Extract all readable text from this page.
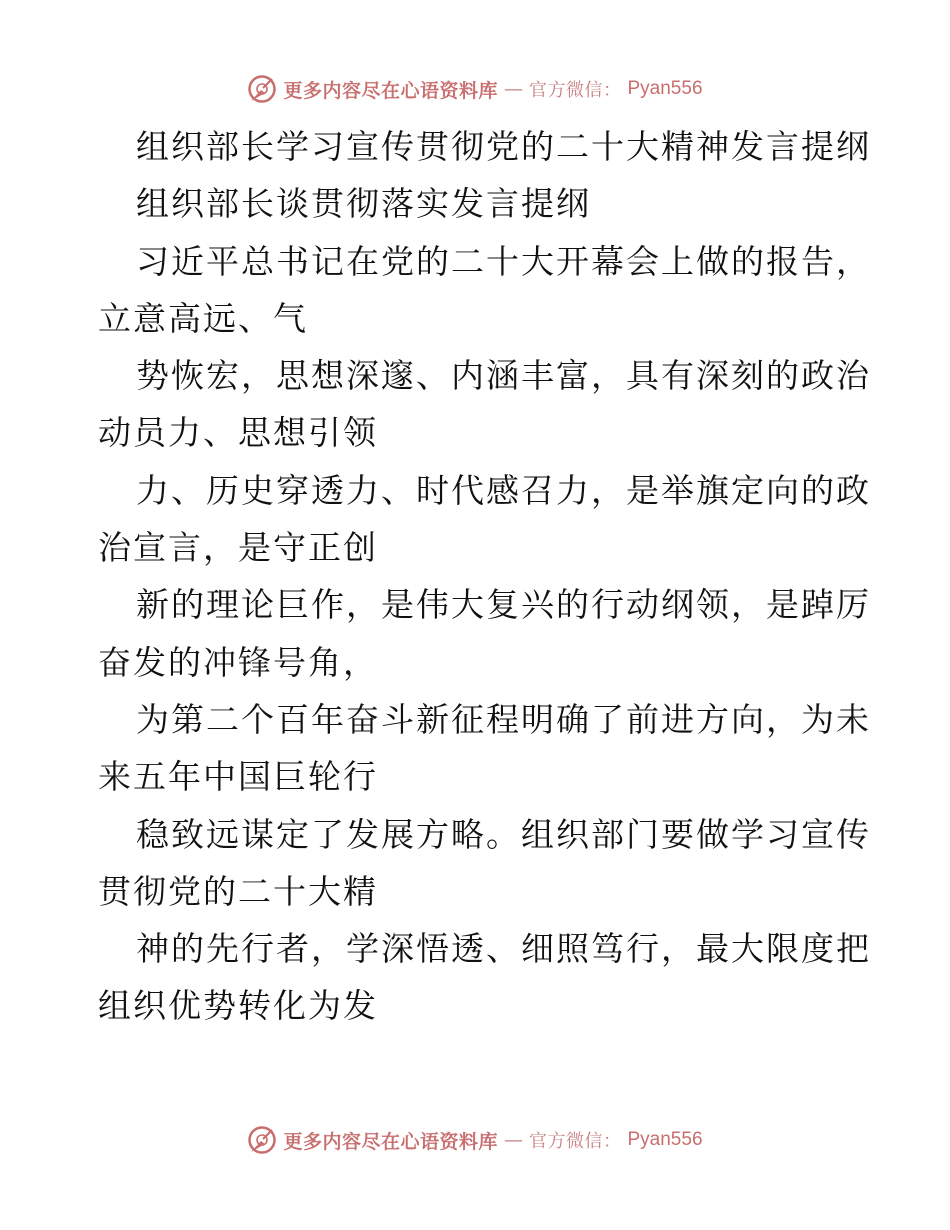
更多内容尽在心语资料库 — 官方微信： Pyan556
组织部长学习宣传贯彻党的二十大精神发言提纲
组织部长谈贯彻落实发言提纲
习近平总书记在党的二十大开幕会上做的报告，
立意高远、气
势恢宏，思想深邃、内涵丰富，具有深刻的政治
动员力、思想引领
力、历史穿透力、时代感召力，是举旗定向的政
治宣言，是守正创
新的理论巨作，是伟大复兴的行动纲领，是踔厉
奋发的冲锋号角，
为第二个百年奋斗新征程明确了前进方向，为未
来五年中国巨轮行
稳致远谋定了发展方略。组织部门要做学习宣传
贯彻党的二十大精
神的先行者，学深悟透、细照笃行，最大限度把
组织优势转化为发
更多内容尽在心语资料库 — 官方微信： Pyan556
